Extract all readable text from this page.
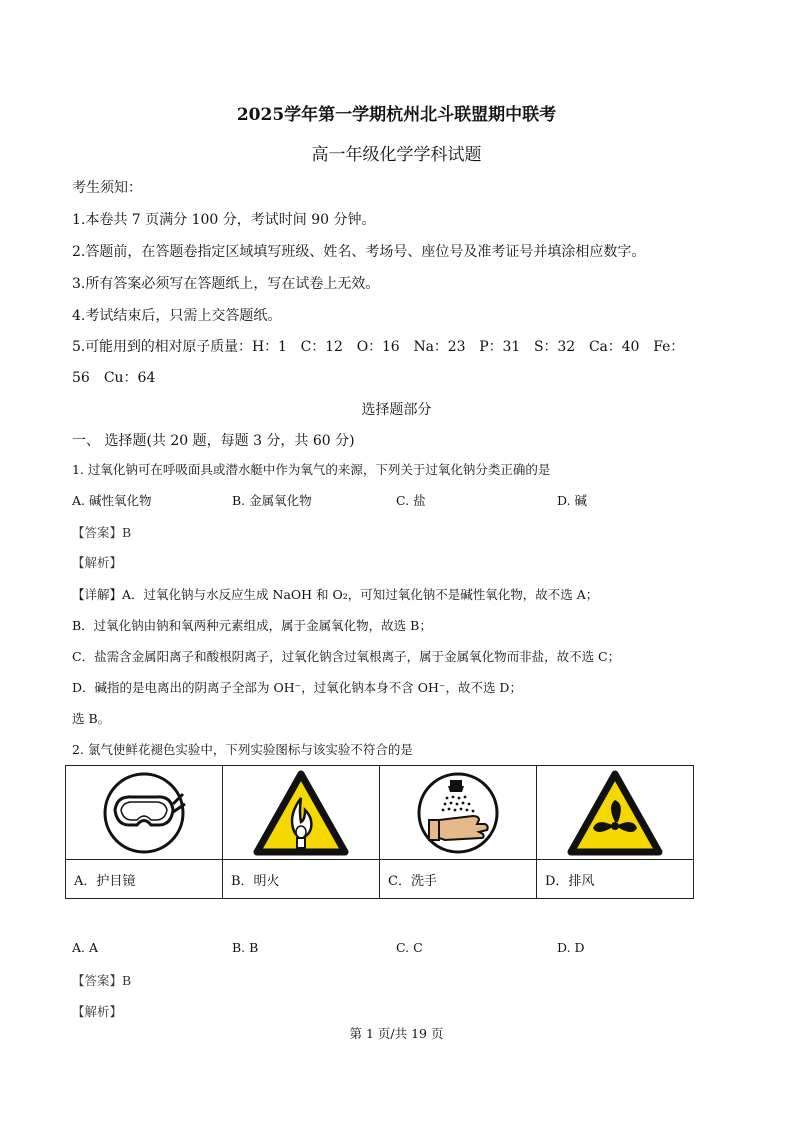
2025学年第一学期杭州北斗联盟期中联考
高一年级化学学科试题
考生须知：
1.本卷共 7 页满分 100 分，考试时间 90 分钟。
2.答题前，在答题卷指定区域填写班级、姓名、考场号、座位号及准考证号并填涂相应数字。
3.所有答案必须写在答题纸上，写在试卷上无效。
4.考试结束后，只需上交答题纸。
5.可能用到的相对原子质量：H：1　C：12　O：16　Na：23　P：31　S：32　Ca：40　Fe：
56　Cu：64
选择题部分
一、 选择题(共 20 题，每题 3 分，共 60 分)
1. 过氧化钠可在呼吸面具或潜水艇中作为氧气的来源，下列关于过氧化钠分类正确的是
A. 碱性氧化物	B. 金属氧化物	C. 盐	D. 碱
【答案】B
【解析】
【详解】A．过氧化钠与水反应生成 NaOH 和 O₂，可知过氧化钠不是碱性氧化物，故不选 A；
B．过氧化钠由钠和氧两种元素组成，属于金属氧化物，故选 B；
C．盐需含金属阳离子和酸根阴离子，过氧化钠含过氧根离子，属于金属氧化物而非盐，故不选 C；
D．碱指的是电离出的阴离子全部为 OH⁻，过氧化钠本身不含 OH⁻，故不选 D；
选 B。
2. 氯气使鲜花褪色实验中，下列实验图标与该实验不符合的是

A．护目镜	B．明火	C．洗手	D．排风
A. A	B. B	C. C	D. D
【答案】B
【解析】
第 1 页/共 19 页
